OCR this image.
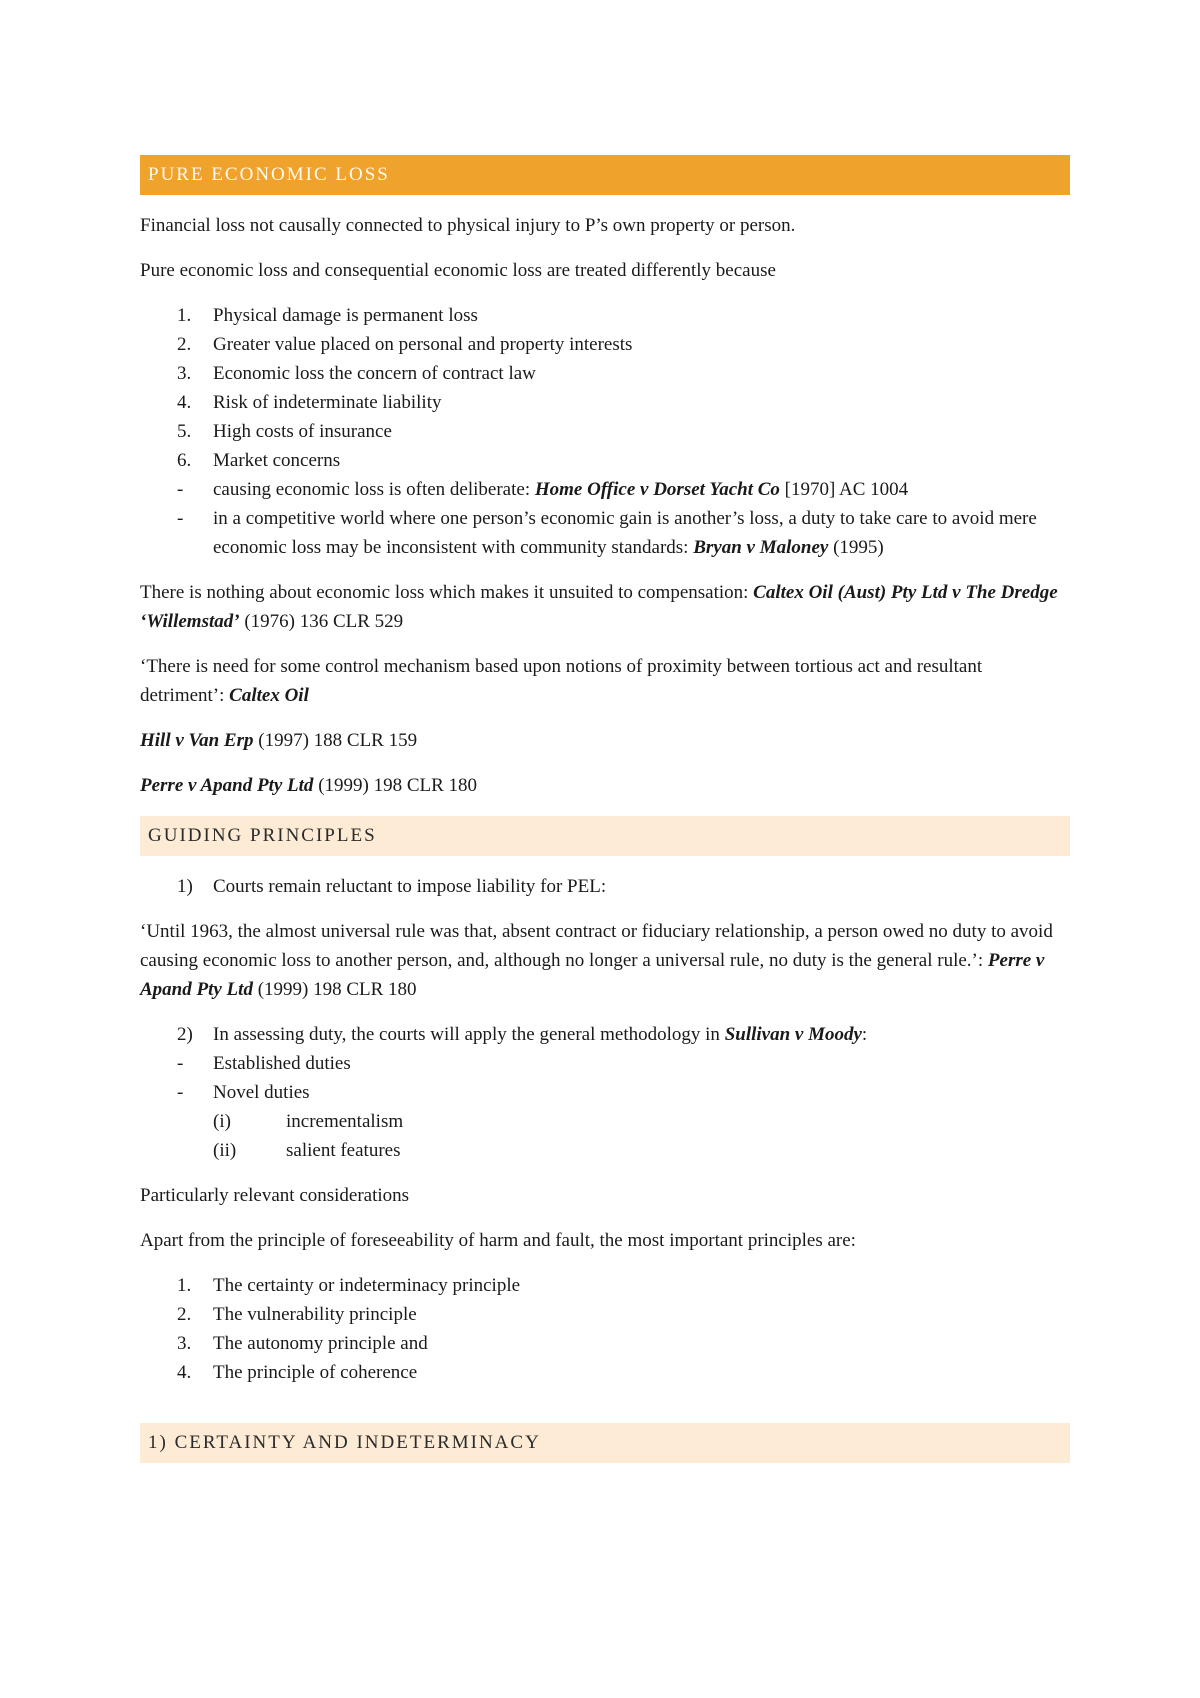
PURE ECONOMIC LOSS

Financial loss not causally connected to physical injury to P’s own property or person.

Pure economic loss and consequential economic loss are treated differently because

1. Physical damage is permanent loss
2. Greater value placed on personal and property interests
3. Economic loss the concern of contract law
4. Risk of indeterminate liability
5. High costs of insurance
6. Market concerns
- causing economic loss is often deliberate: Home Office v Dorset Yacht Co [1970] AC 1004
- in a competitive world where one person’s economic gain is another’s loss, a duty to take care to avoid mere economic loss may be inconsistent with community standards: Bryan v Maloney (1995)

There is nothing about economic loss which makes it unsuited to compensation: Caltex Oil (Aust) Pty Ltd v The Dredge ‘Willemstad’ (1976) 136 CLR 529

‘There is need for some control mechanism based upon notions of proximity between tortious act and resultant detriment’: Caltex Oil

Hill v Van Erp (1997) 188 CLR 159

Perre v Apand Pty Ltd (1999) 198 CLR 180

GUIDING PRINCIPLES
1) Courts remain reluctant to impose liability for PEL:

‘Until 1963, the almost universal rule was that, absent contract or fiduciary relationship, a person owed no duty to avoid causing economic loss to another person, and, although no longer a universal rule, no duty is the general rule.’: Perre v Apand Pty Ltd (1999) 198 CLR 180

2) In assessing duty, the courts will apply the general methodology in Sullivan v Moody:
- Established duties
- Novel duties
(i)	incrementalism
(ii)	salient features

Particularly relevant considerations

Apart from the principle of foreseeability of harm and fault, the most important principles are:

1. The certainty or indeterminacy principle
2. The vulnerability principle
3. The autonomy principle and
4. The principle of coherence
1) CERTAINTY AND INDETERMINACY
